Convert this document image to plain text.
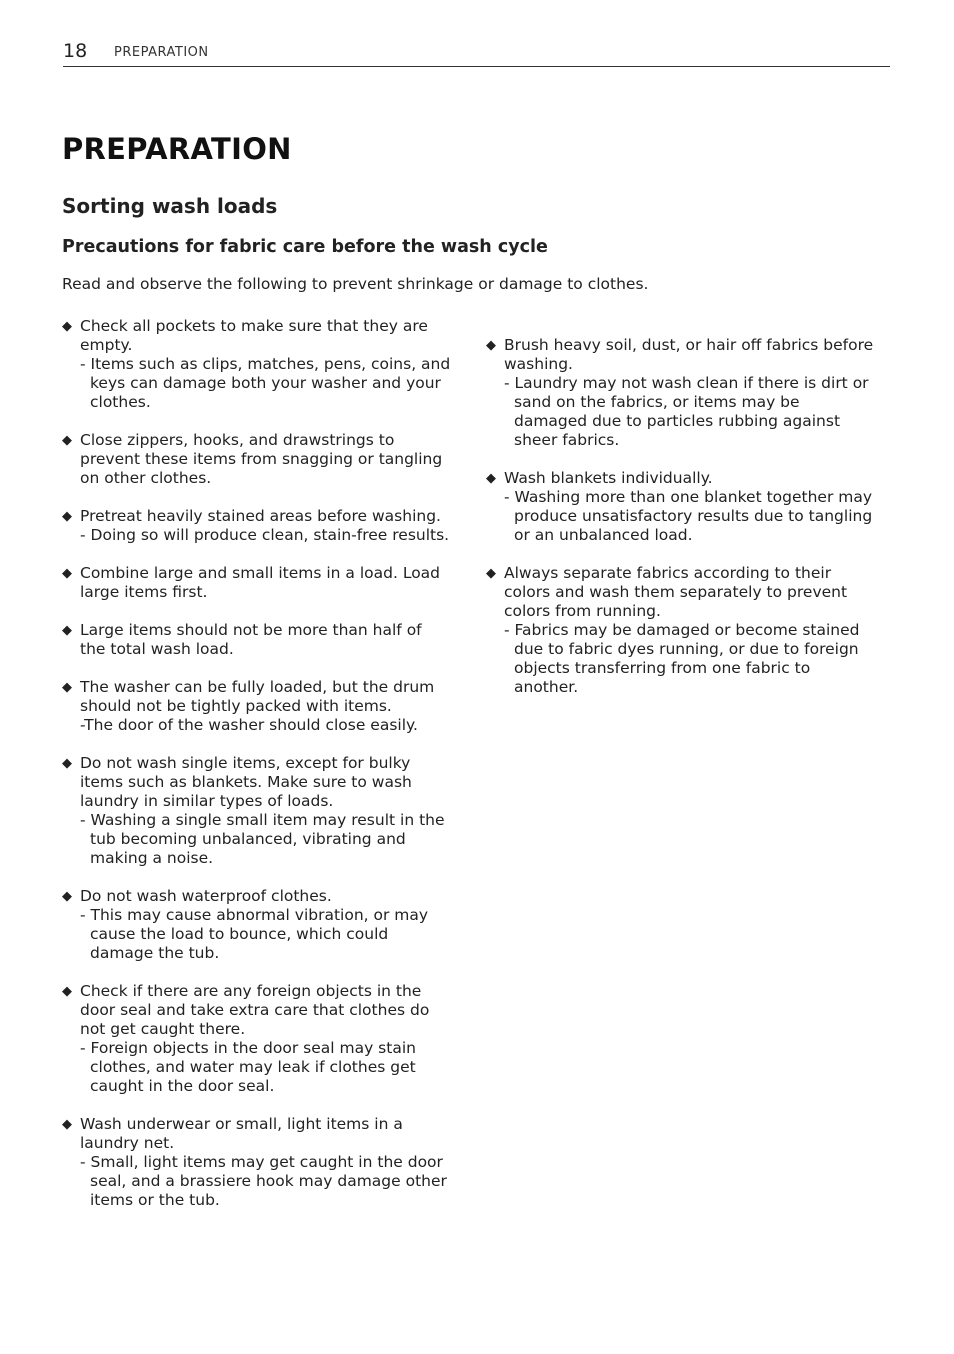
18 PREPARATION
PREPARATION
Sorting wash loads
Precautions for fabric care before the wash cycle
Read and observe the following to prevent shrinkage or damage to clothes.
◆ Check all pockets to make sure that they are
empty.
- Items such as clips, matches, pens, coins, and
keys can damage both your washer and your
clothes.
◆ Close zippers, hooks, and drawstrings to
prevent these items from snagging or tangling
on other clothes.
◆ Pretreat heavily stained areas before washing.
- Doing so will produce clean, stain-free results.
◆ Combine large and small items in a load. Load
large items first.
◆ Large items should not be more than half of
the total wash load.
◆ The washer can be fully loaded, but the drum
should not be tightly packed with items.
-The door of the washer should close easily.
◆ Do not wash single items, except for bulky
items such as blankets. Make sure to wash
laundry in similar types of loads.
- Washing a single small item may result in the
tub becoming unbalanced, vibrating and
making a noise.
◆ Do not wash waterproof clothes.
- This may cause abnormal vibration, or may
cause the load to bounce, which could
damage the tub.
◆ Check if there are any foreign objects in the
door seal and take extra care that clothes do
not get caught there.
- Foreign objects in the door seal may stain
clothes, and water may leak if clothes get
caught in the door seal.
◆ Wash underwear or small, light items in a
laundry net.
- Small, light items may get caught in the door
seal, and a brassiere hook may damage other
items or the tub.
◆ Brush heavy soil, dust, or hair off fabrics before
washing.
- Laundry may not wash clean if there is dirt or
sand on the fabrics, or items may be
damaged due to particles rubbing against
sheer fabrics.
◆ Wash blankets individually.
- Washing more than one blanket together may
produce unsatisfactory results due to tangling
or an unbalanced load.
◆ Always separate fabrics according to their
colors and wash them separately to prevent
colors from running.
- Fabrics may be damaged or become stained
due to fabric dyes running, or due to foreign
objects transferring from one fabric to
another.
